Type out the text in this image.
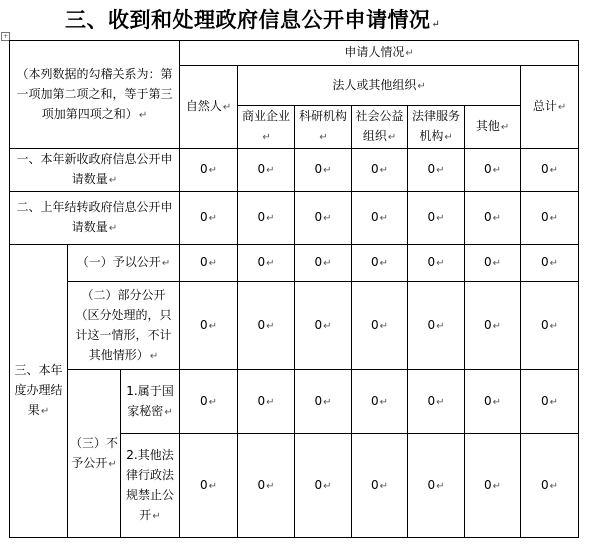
三、收到和处理政府信息公开申请情况↵
+
（本列数据的勾稽关系为：第一项加第二项之和，等于第三项加第四项之和）↵			申请人情况↵						
			自然人↵	法人或其他组织↵					总计↵
				商业企业↵	科研机构↵	社会公益组织↵	法律服务机构↵	其他↵	
一、本年新收政府信息公开申请数量↵			0↵	0↵	0↵	0↵	0↵	0↵	0↵
二、上年结转政府信息公开申请数量↵			0↵	0↵	0↵	0↵	0↵	0↵	0↵
三、本年度办理结果↵	（一）予以公开↵		0↵	0↵	0↵	0↵	0↵	0↵	0↵
	（二）部分公开（区分处理的，只计这一情形，不计其他情形）↵		0↵	0↵	0↵	0↵	0↵	0↵	0↵
	（三）不予公开↵	1.属于国家秘密↵	0↵	0↵	0↵	0↵	0↵	0↵	0↵
		2.其他法律行政法规禁止公开↵	0↵	0↵	0↵	0↵	0↵	0↵	0↵
